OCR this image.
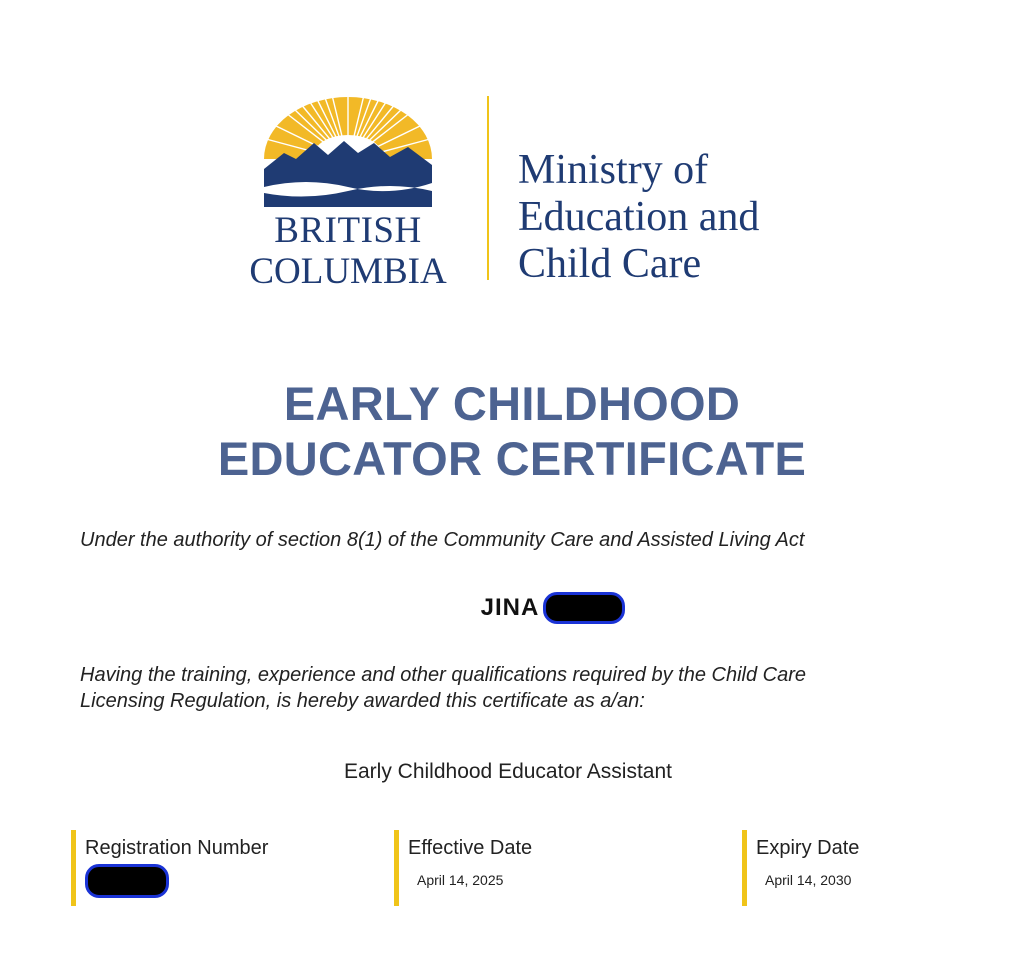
BRITISH
COLUMBIA
Ministry of
Education and
Child Care
EARLY CHILDHOOD
EDUCATOR CERTIFICATE
Under the authority of section 8(1) of the Community Care and Assisted Living Act
JINA
Having the training, experience and other qualifications required by the Child Care
Licensing Regulation, is hereby awarded this certificate as a/an:
Early Childhood Educator Assistant
Registration Number	Effective Date
April 14, 2025
Expiry Date
April 14, 2030
